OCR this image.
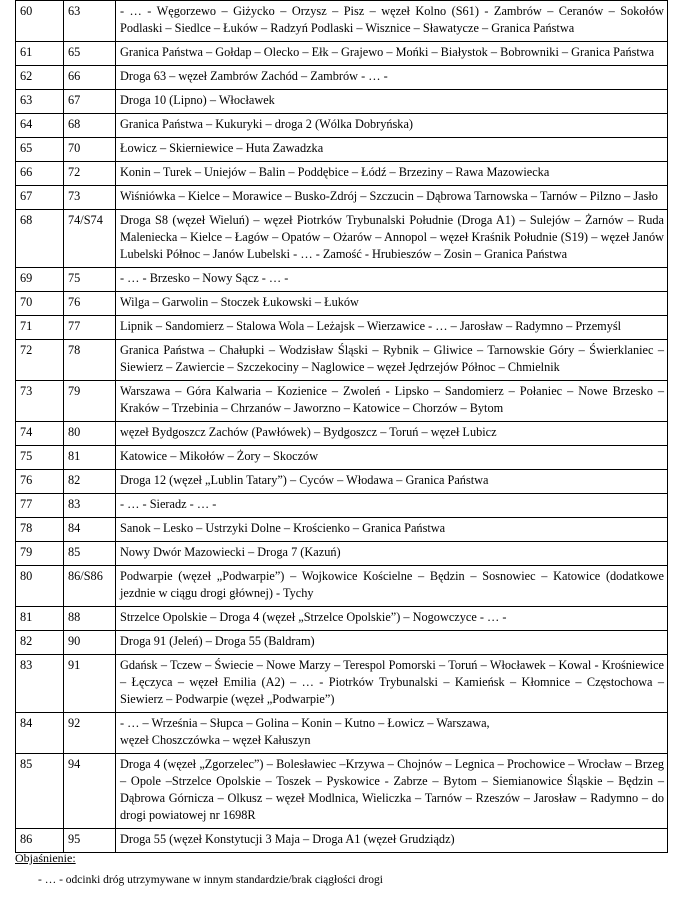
60	63	- … - Węgorzewo – Giżycko – Orzysz – Pisz – węzeł Kolno (S61) - Zambrów – Ceranów – Sokołów Podlaski – Siedlce – Łuków – Radzyń Podlaski – Wisznice – Sławatycze – Granica Państwa
61	65	Granica Państwa – Gołdap – Olecko – Ełk – Grajewo – Mońki – Białystok – Bobrowniki – Granica Państwa
62	66	Droga 63 – węzeł Zambrów Zachód – Zambrów - … -
63	67	Droga 10 (Lipno) – Włocławek
64	68	Granica Państwa – Kukuryki – droga 2 (Wólka Dobryńska)
65	70	Łowicz – Skierniewice – Huta Zawadzka
66	72	Konin – Turek – Uniejów – Balin – Poddębice – Łódź – Brzeziny – Rawa Mazowiecka
67	73	Wiśniówka – Kielce – Morawice – Busko-Zdrój – Szczucin – Dąbrowa Tarnowska – Tarnów – Pilzno – Jasło
68	74/S74	Droga S8 (węzeł Wieluń) – węzeł Piotrków Trybunalski Południe (Droga A1) – Sulejów – Żarnów – Ruda Maleniecka – Kielce – Łagów – Opatów – Ożarów – Annopol – węzeł Kraśnik Południe (S19) – węzeł Janów Lubelski Północ – Janów Lubelski - … - Zamość - Hrubieszów – Zosin – Granica Państwa
69	75	- … - Brzesko – Nowy Sącz - … -
70	76	Wilga – Garwolin – Stoczek Łukowski – Łuków
71	77	Lipnik – Sandomierz – Stalowa Wola – Leżajsk – Wierzawice - … – Jarosław – Radymno – Przemyśl
72	78	Granica Państwa – Chałupki – Wodzisław Śląski – Rybnik – Gliwice – Tarnowskie Góry – Świerklaniec – Siewierz – Zawiercie – Szczekociny – Naglowice – węzeł Jędrzejów Północ – Chmielnik
73	79	Warszawa – Góra Kalwaria – Kozienice – Zwoleń - Lipsko – Sandomierz – Połaniec – Nowe Brzesko – Kraków – Trzebinia – Chrzanów – Jaworzno – Katowice – Chorzów – Bytom
74	80	węzeł Bydgoszcz Zachów (Pawłówek) – Bydgoszcz – Toruń – węzeł Lubicz
75	81	Katowice – Mikołów – Żory – Skoczów
76	82	Droga 12 (węzeł „Lublin Tatary”) – Cyców – Włodawa – Granica Państwa
77	83	- … - Sieradz - … -
78	84	Sanok – Lesko – Ustrzyki Dolne – Krościenko – Granica Państwa
79	85	Nowy Dwór Mazowiecki – Droga 7 (Kazuń)
80	86/S86	Podwarpie (węzeł „Podwarpie”) – Wojkowice Kościelne – Będzin – Sosnowiec – Katowice (dodatkowe jezdnie w ciągu drogi głównej) - Tychy
81	88	Strzelce Opolskie – Droga 4 (węzeł „Strzelce Opolskie”) – Nogowczyce - … -
82	90	Droga 91 (Jeleń) – Droga 55 (Baldram)
83	91	Gdańsk – Tczew – Świecie – Nowe Marzy – Terespol Pomorski – Toruń – Włocławek – Kowal - Krośniewice – Łęczyca – węzeł Emilia (A2) – … - Piotrków Trybunalski – Kamieńsk – Kłomnice – Częstochowa – Siewierz – Podwarpie (węzeł „Podwarpie”)
84	92	- … – Września – Słupca – Golina – Konin – Kutno – Łowicz – Warszawa,
węzeł Choszczówka – węzeł Kałuszyn
85	94	Droga 4 (węzeł „Zgorzelec”) – Bolesławiec –Krzywa – Chojnów – Legnica – Prochowice – Wrocław – Brzeg – Opole –Strzelce Opolskie – Toszek – Pyskowice - Zabrze – Bytom – Siemianowice Śląskie – Będzin – Dąbrowa Górnicza – Olkusz – węzeł Modlnica, Wieliczka – Tarnów – Rzeszów – Jarosław – Radymno – do drogi powiatowej nr 1698R
86	95	Droga 55 (węzeł Konstytucji 3 Maja – Droga A1 (węzeł Grudziądz)
Objaśnienie:
- … - odcinki dróg utrzymywane w innym standardzie/brak ciągłości drogi
